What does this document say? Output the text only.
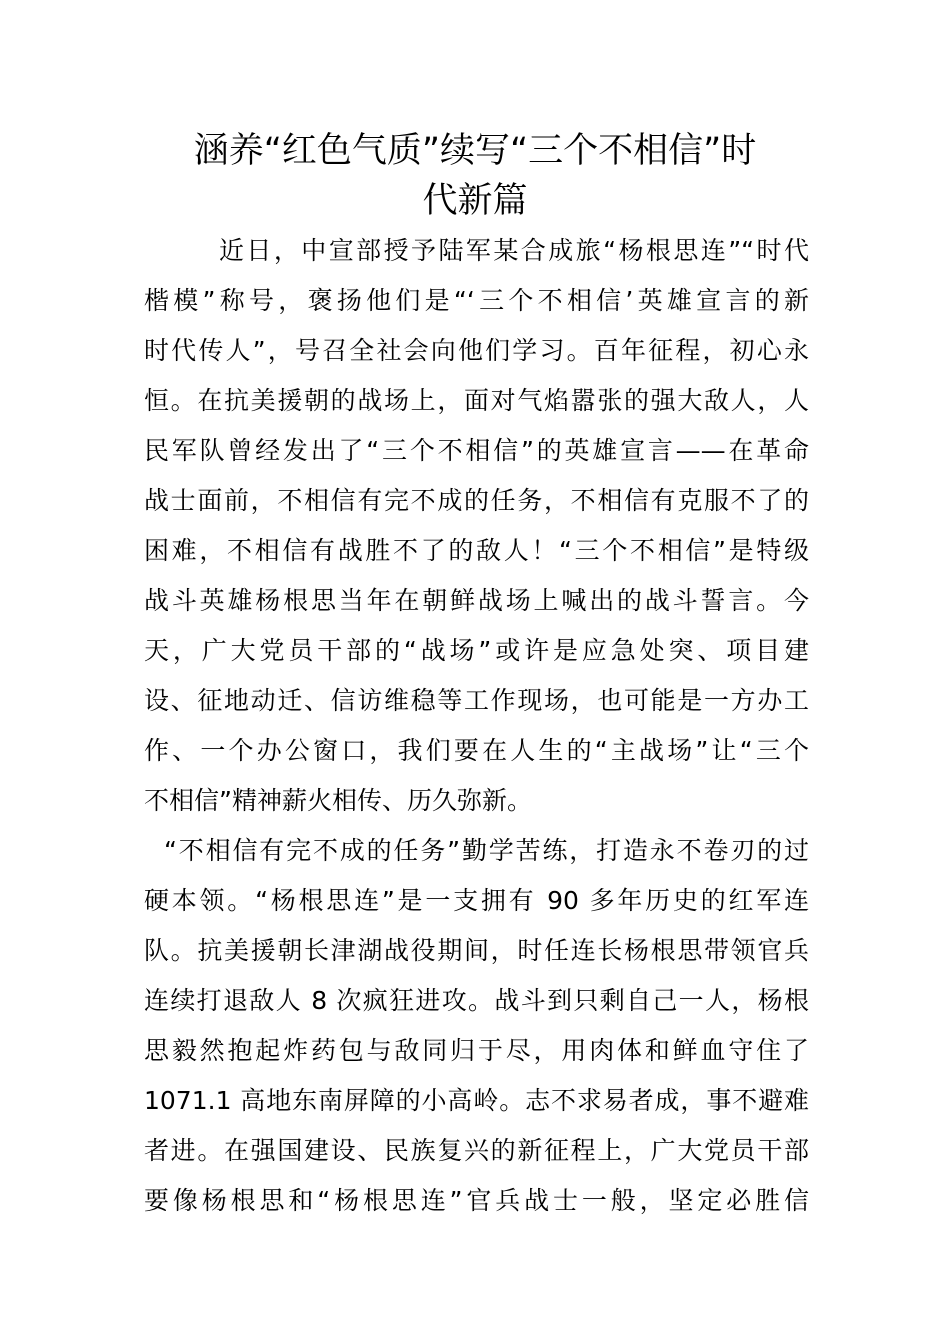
涵养“红色气质”续写“三个不相信”时
代新篇
近日，中宣部授予陆军某合成旅“杨根思连”“时代
楷模”称号，褒扬他们是“‘三个不相信’英雄宣言的新
时代传人”，号召全社会向他们学习。百年征程，初心永
恒。在抗美援朝的战场上，面对气焰嚣张的强大敌人，人
民军队曾经发出了“三个不相信”的英雄宣言——在革命
战士面前，不相信有完不成的任务，不相信有克服不了的
困难，不相信有战胜不了的敌人！“三个不相信”是特级
战斗英雄杨根思当年在朝鲜战场上喊出的战斗誓言。今
天，广大党员干部的“战场”或许是应急处突、项目建
设、征地动迁、信访维稳等工作现场，也可能是一方办工
作、一个办公窗口，我们要在人生的“主战场”让“三个
不相信”精神薪火相传、历久弥新。
“不相信有完不成的任务”勤学苦练，打造永不卷刃的过
硬本领。“杨根思连”是一支拥有 90 多年历史的红军连
队。抗美援朝长津湖战役期间，时任连长杨根思带领官兵
连续打退敌人 8 次疯狂进攻。战斗到只剩自己一人，杨根
思毅然抱起炸药包与敌同归于尽，用肉体和鲜血守住了
1071.1 高地东南屏障的小高岭。志不求易者成，事不避难
者进。在强国建设、民族复兴的新征程上，广大党员干部
要像杨根思和“杨根思连”官兵战士一般，坚定必胜信
